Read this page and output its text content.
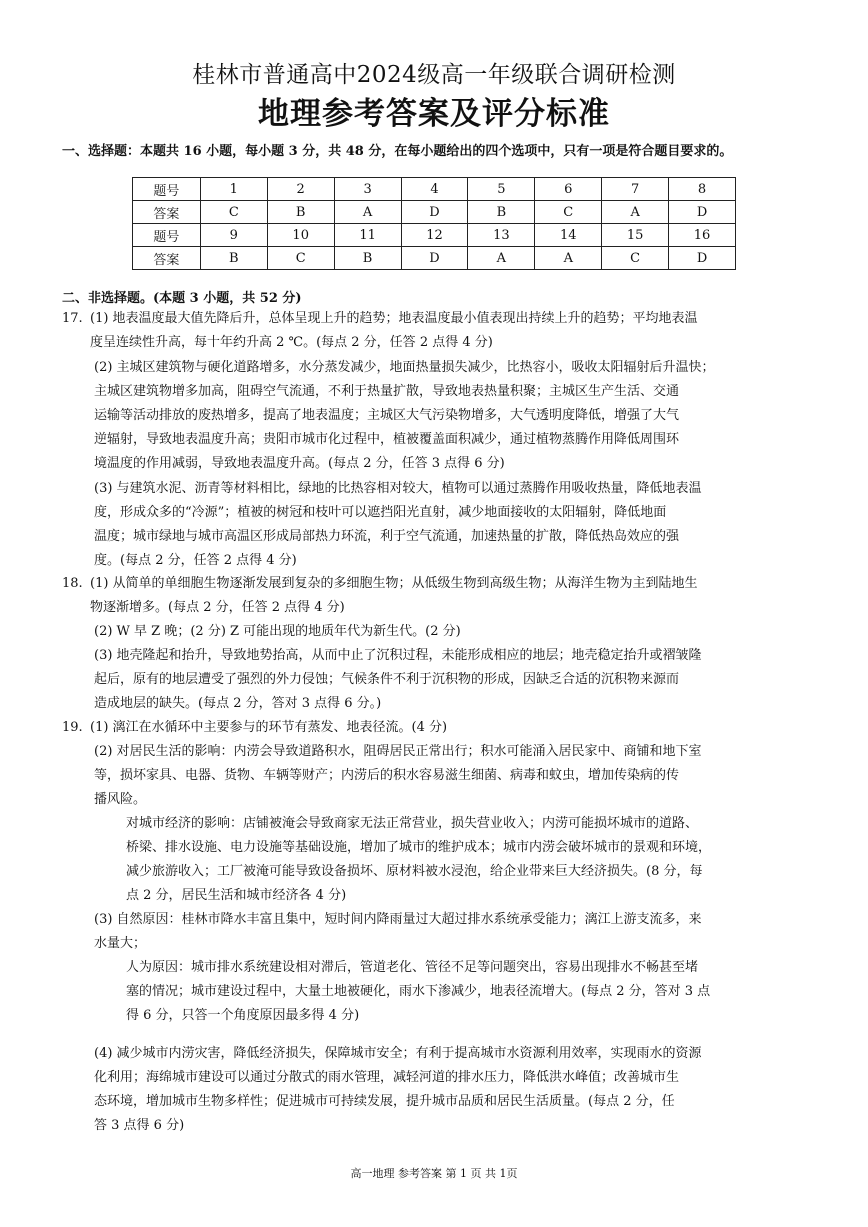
桂林市普通高中2024级高一年级联合调研检测
地理参考答案及评分标准
一、选择题：本题共 16 小题，每小题 3 分，共 48 分，在每小题给出的四个选项中，只有一项是符合题目要求的。
题号	1	2	3	4	5	6	7	8
答案	C	B	A	D	B	C	A	D
题号	9	10	11	12	13	14	15	16
答案	B	C	B	D	A	A	C	D
二、非选择题。(本题 3 小题，共 52 分)
17. (1) 地表温度最大值先降后升，总体呈现上升的趋势；地表温度最小值表现出持续上升的趋势；平均地表温
度呈连续性升高，每十年约升高 2 ℃。(每点 2 分，任答 2 点得 4 分)
(2) 主城区建筑物与硬化道路增多，水分蒸发减少，地面热量损失减少，比热容小，吸收太阳辐射后升温快；
主城区建筑物增多加高，阻碍空气流通，不利于热量扩散，导致地表热量积聚；主城区生产生活、交通
运输等活动排放的废热增多，提高了地表温度；主城区大气污染物增多，大气透明度降低，增强了大气
逆辐射，导致地表温度升高；贵阳市城市化过程中，植被覆盖面积减少，通过植物蒸腾作用降低周围环
境温度的作用减弱，导致地表温度升高。(每点 2 分，任答 3 点得 6 分)
(3) 与建筑水泥、沥青等材料相比，绿地的比热容相对较大，植物可以通过蒸腾作用吸收热量，降低地表温
度，形成众多的“冷源”；植被的树冠和枝叶可以遮挡阳光直射，减少地面接收的太阳辐射，降低地面
温度；城市绿地与城市高温区形成局部热力环流，利于空气流通，加速热量的扩散，降低热岛效应的强
度。(每点 2 分，任答 2 点得 4 分)
18. (1) 从简单的单细胞生物逐渐发展到复杂的多细胞生物；从低级生物到高级生物；从海洋生物为主到陆地生
物逐渐增多。(每点 2 分，任答 2 点得 4 分)
(2) W 早 Z 晚；(2 分) Z 可能出现的地质年代为新生代。(2 分)
(3) 地壳隆起和抬升，导致地势抬高，从而中止了沉积过程，未能形成相应的地层；地壳稳定抬升或褶皱隆
起后，原有的地层遭受了强烈的外力侵蚀；气候条件不利于沉积物的形成，因缺乏合适的沉积物来源而
造成地层的缺失。(每点 2 分，答对 3 点得 6 分。)
19. (1) 漓江在水循环中主要参与的环节有蒸发、地表径流。(4 分)
(2) 对居民生活的影响：内涝会导致道路积水，阻碍居民正常出行；积水可能涌入居民家中、商铺和地下室
等，损坏家具、电器、货物、车辆等财产；内涝后的积水容易滋生细菌、病毒和蚊虫，增加传染病的传
播风险。
对城市经济的影响：店铺被淹会导致商家无法正常营业，损失营业收入；内涝可能损坏城市的道路、
桥梁、排水设施、电力设施等基础设施，增加了城市的维护成本；城市内涝会破坏城市的景观和环境，
减少旅游收入；工厂被淹可能导致设备损坏、原材料被水浸泡，给企业带来巨大经济损失。(8 分，每
点 2 分，居民生活和城市经济各 4 分)
(3) 自然原因：桂林市降水丰富且集中，短时间内降雨量过大超过排水系统承受能力；漓江上游支流多，来
水量大；
人为原因：城市排水系统建设相对滞后，管道老化、管径不足等问题突出，容易出现排水不畅甚至堵
塞的情况；城市建设过程中，大量土地被硬化，雨水下渗减少，地表径流增大。(每点 2 分，答对 3 点
得 6 分，只答一个角度原因最多得 4 分)
(4) 减少城市内涝灾害，降低经济损失，保障城市安全；有利于提高城市水资源利用效率，实现雨水的资源
化利用；海绵城市建设可以通过分散式的雨水管理，减轻河道的排水压力，降低洪水峰值；改善城市生
态环境，增加城市生物多样性；促进城市可持续发展，提升城市品质和居民生活质量。(每点 2 分，任
答 3 点得 6 分)
高一地理 参考答案 第 1 页 共 1页
